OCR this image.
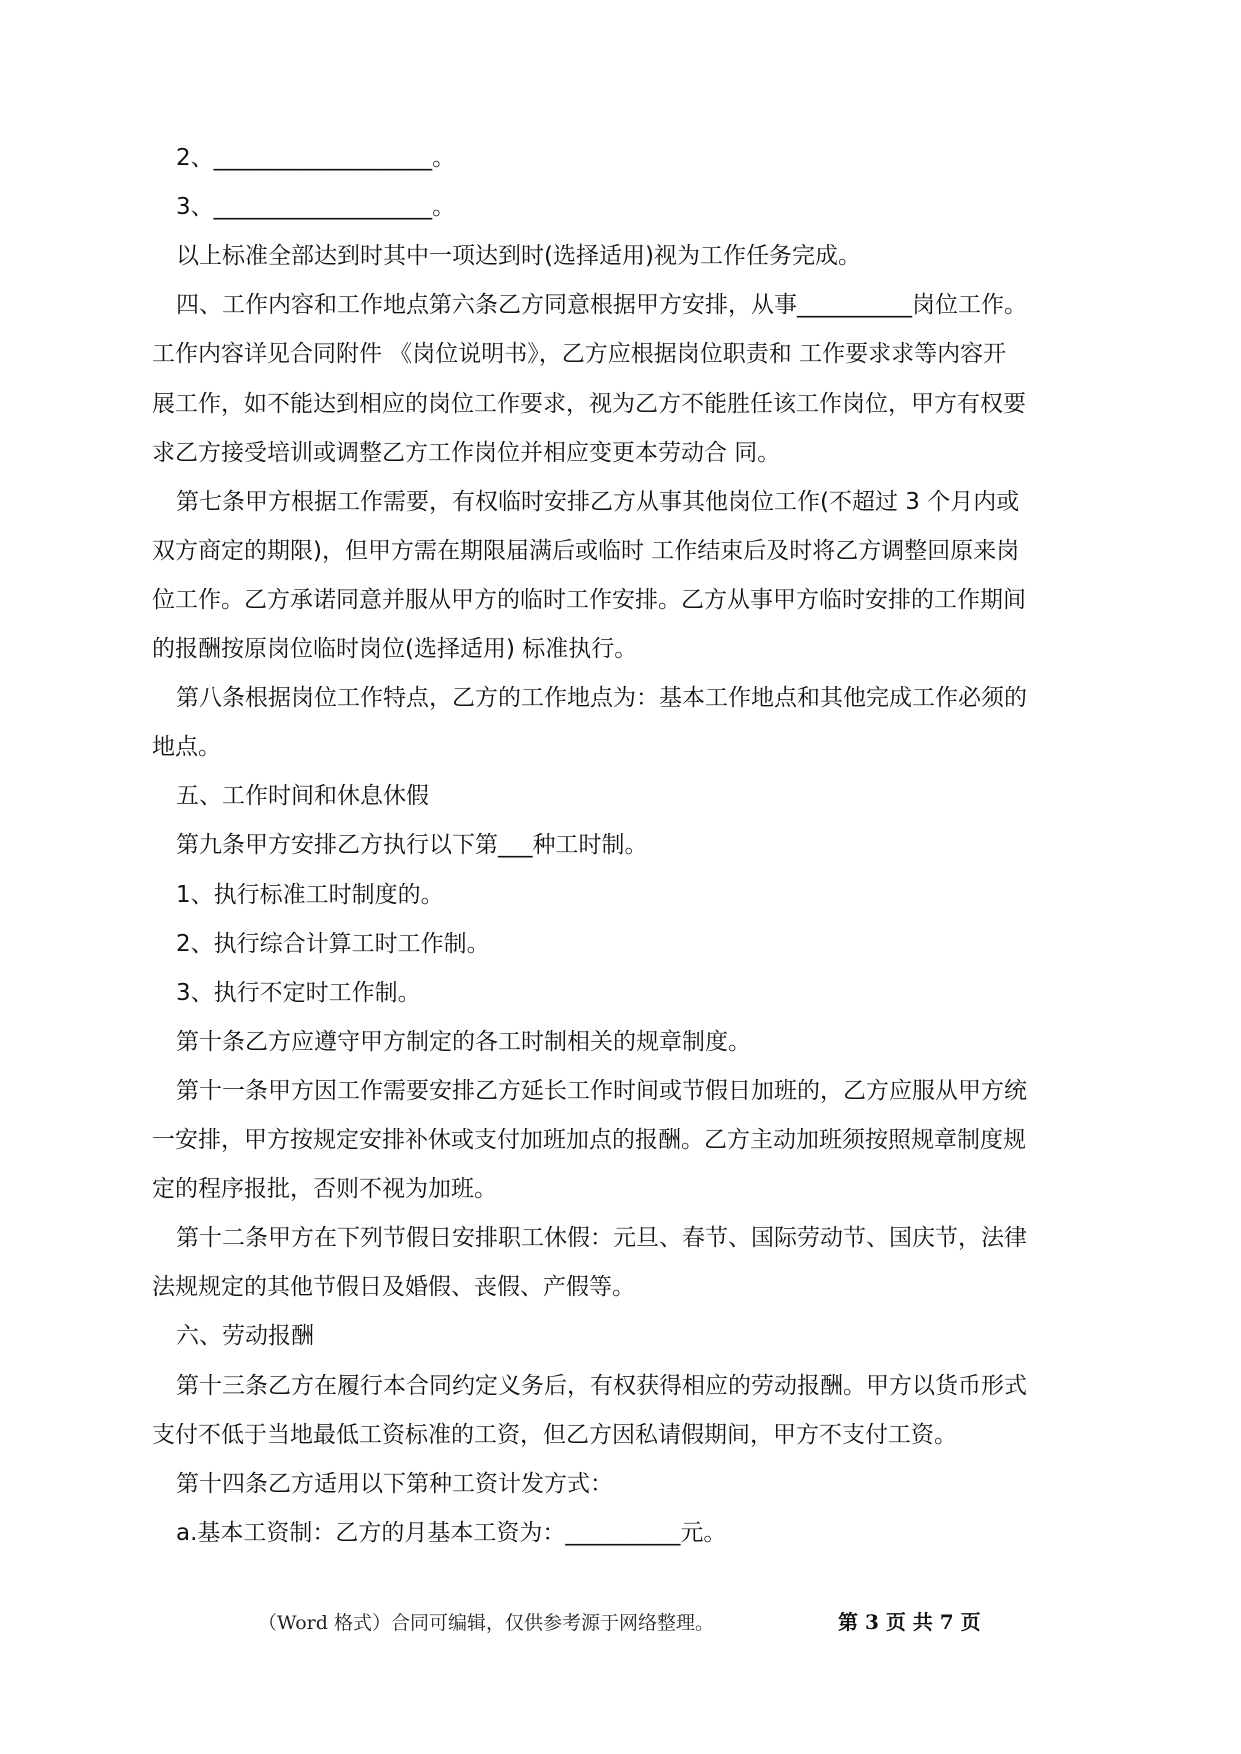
2、___________________。
3、___________________。
以上标准全部达到时其中一项达到时(选择适用)视为工作任务完成。
四、工作内容和工作地点第六条乙方同意根据甲方安排，从事__________岗位工作。
工作内容详见合同附件 《岗位说明书》，乙方应根据岗位职责和 工作要求求等内容开
展工作，如不能达到相应的岗位工作要求，视为乙方不能胜任该工作岗位，甲方有权要
求乙方接受培训或调整乙方工作岗位并相应变更本劳动合 同。
第七条甲方根据工作需要，有权临时安排乙方从事其他岗位工作(不超过 3 个月内或
双方商定的期限)，但甲方需在期限届满后或临时 工作结束后及时将乙方调整回原来岗
位工作。乙方承诺同意并服从甲方的临时工作安排。乙方从事甲方临时安排的工作期间
的报酬按原岗位临时岗位(选择适用) 标准执行。
第八条根据岗位工作特点，乙方的工作地点为：基本工作地点和其他完成工作必须的
地点。
五、工作时间和休息休假
第九条甲方安排乙方执行以下第___种工时制。
1、执行标准工时制度的。
2、执行综合计算工时工作制。
3、执行不定时工作制。
第十条乙方应遵守甲方制定的各工时制相关的规章制度。
第十一条甲方因工作需要安排乙方延长工作时间或节假日加班的，乙方应服从甲方统
一安排，甲方按规定安排补休或支付加班加点的报酬。乙方主动加班须按照规章制度规
定的程序报批，否则不视为加班。
第十二条甲方在下列节假日安排职工休假：元旦、春节、国际劳动节、国庆节，法律
法规规定的其他节假日及婚假、丧假、产假等。
六、劳动报酬
第十三条乙方在履行本合同约定义务后，有权获得相应的劳动报酬。甲方以货币形式
支付不低于当地最低工资标准的工资，但乙方因私请假期间，甲方不支付工资。
第十四条乙方适用以下第种工资计发方式：
a.基本工资制：乙方的月基本工资为：__________元。
（Word 格式）合同可编辑，仅供参考源于网络整理。	第 3 页 共 7 页
